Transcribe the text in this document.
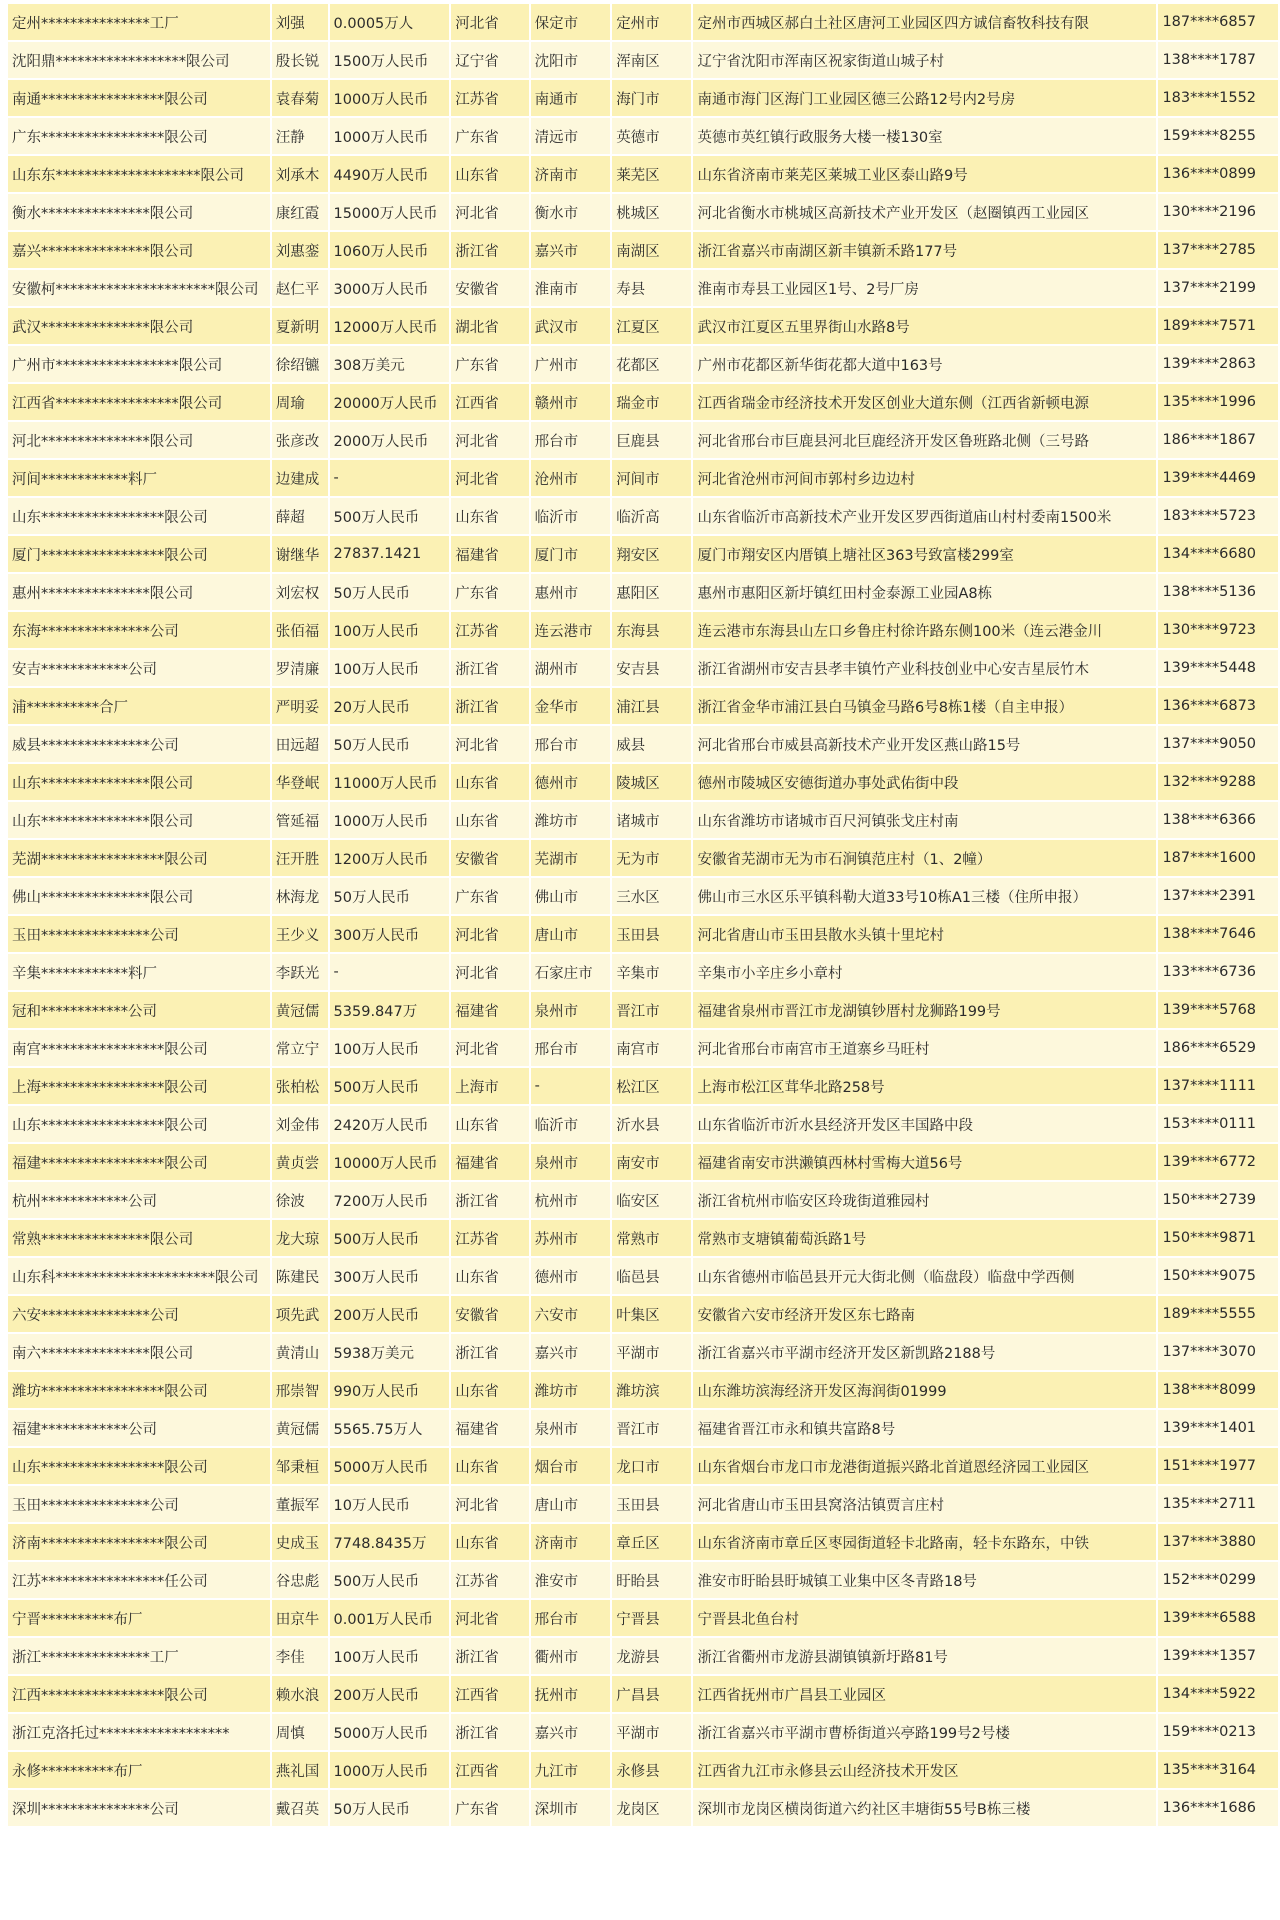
定州***************工厂	刘强	0.0005万人	河北省	保定市	定州市	定州市西城区郝白土社区唐河工业园区四方诚信畜牧科技有限	187****6857
沈阳鼎******************限公司	殷长锐	1500万人民币	辽宁省	沈阳市	浑南区	辽宁省沈阳市浑南区祝家街道山城子村	138****1787
南通*****************限公司	袁春菊	1000万人民币	江苏省	南通市	海门市	南通市海门区海门工业园区德三公路12号内2号房	183****1552
广东*****************限公司	汪静	1000万人民币	广东省	清远市	英德市	英德市英红镇行政服务大楼一楼130室	159****8255
山东东********************限公司	刘承木	4490万人民币	山东省	济南市	莱芜区	山东省济南市莱芜区莱城工业区泰山路9号	136****0899
衡水***************限公司	康红霞	15000万人民币	河北省	衡水市	桃城区	河北省衡水市桃城区高新技术产业开发区（赵圈镇西工业园区	130****2196
嘉兴***************限公司	刘惠銮	1060万人民币	浙江省	嘉兴市	南湖区	浙江省嘉兴市南湖区新丰镇新禾路177号	137****2785
安徽柯**********************限公司	赵仁平	3000万人民币	安徽省	淮南市	寿县	淮南市寿县工业园区1号、2号厂房	137****2199
武汉***************限公司	夏新明	12000万人民币	湖北省	武汉市	江夏区	武汉市江夏区五里界街山水路8号	189****7571
广州市*****************限公司	徐绍镳	308万美元	广东省	广州市	花都区	广州市花都区新华街花都大道中163号	139****2863
江西省*****************限公司	周瑜	20000万人民币	江西省	赣州市	瑞金市	江西省瑞金市经济技术开发区创业大道东侧（江西省新顿电源	135****1996
河北***************限公司	张彦改	2000万人民币	河北省	邢台市	巨鹿县	河北省邢台市巨鹿县河北巨鹿经济开发区鲁班路北侧（三号路	186****1867
河间************料厂	边建成	-	河北省	沧州市	河间市	河北省沧州市河间市郭村乡边边村	139****4469
山东*****************限公司	薛超	500万人民币	山东省	临沂市	临沂高	山东省临沂市高新技术产业开发区罗西街道庙山村村委南1500米	183****5723
厦门*****************限公司	谢继华	27837.1421	福建省	厦门市	翔安区	厦门市翔安区内厝镇上塘社区363号致富楼299室	134****6680
惠州***************限公司	刘宏权	50万人民币	广东省	惠州市	惠阳区	惠州市惠阳区新圩镇红田村金泰源工业园A8栋	138****5136
东海***************公司	张佰福	100万人民币	江苏省	连云港市	东海县	连云港市东海县山左口乡鲁庄村徐许路东侧100米（连云港金川	130****9723
安吉************公司	罗清廉	100万人民币	浙江省	湖州市	安吉县	浙江省湖州市安吉县孝丰镇竹产业科技创业中心安吉星辰竹木	139****5448
浦**********合厂	严明妥	20万人民币	浙江省	金华市	浦江县	浙江省金华市浦江县白马镇金马路6号8栋1楼（自主申报）	136****6873
威县***************公司	田远超	50万人民币	河北省	邢台市	威县	河北省邢台市威县高新技术产业开发区燕山路15号	137****9050
山东***************限公司	华登岷	11000万人民币	山东省	德州市	陵城区	德州市陵城区安德街道办事处武佑街中段	132****9288
山东***************限公司	管延福	1000万人民币	山东省	潍坊市	诸城市	山东省潍坊市诸城市百尺河镇张戈庄村南	138****6366
芜湖*****************限公司	汪开胜	1200万人民币	安徽省	芜湖市	无为市	安徽省芜湖市无为市石涧镇范庄村（1、2幢）	187****1600
佛山***************限公司	林海龙	50万人民币	广东省	佛山市	三水区	佛山市三水区乐平镇科勒大道33号10栋A1三楼（住所申报）	137****2391
玉田***************公司	王少义	300万人民币	河北省	唐山市	玉田县	河北省唐山市玉田县散水头镇十里坨村	138****7646
辛集************料厂	李跃光	-	河北省	石家庄市	辛集市	辛集市小辛庄乡小章村	133****6736
冠和************公司	黄冠儒	5359.847万	福建省	泉州市	晋江市	福建省泉州市晋江市龙湖镇钞厝村龙狮路199号	139****5768
南宫*****************限公司	常立宁	100万人民币	河北省	邢台市	南宫市	河北省邢台市南宫市王道寨乡马旺村	186****6529
上海*****************限公司	张柏松	500万人民币	上海市	-	松江区	上海市松江区茸华北路258号	137****1111
山东*****************限公司	刘金伟	2420万人民币	山东省	临沂市	沂水县	山东省临沂市沂水县经济开发区丰国路中段	153****0111
福建*****************限公司	黄贞尝	10000万人民币	福建省	泉州市	南安市	福建省南安市洪濑镇西林村雪梅大道56号	139****6772
杭州************公司	徐波	7200万人民币	浙江省	杭州市	临安区	浙江省杭州市临安区玲珑街道雅园村	150****2739
常熟***************限公司	龙大琼	500万人民币	江苏省	苏州市	常熟市	常熟市支塘镇葡萄浜路1号	150****9871
山东科**********************限公司	陈建民	300万人民币	山东省	德州市	临邑县	山东省德州市临邑县开元大街北侧（临盘段）临盘中学西侧	150****9075
六安***************公司	项先武	200万人民币	安徽省	六安市	叶集区	安徽省六安市经济开发区东七路南	189****5555
南六***************限公司	黄清山	5938万美元	浙江省	嘉兴市	平湖市	浙江省嘉兴市平湖市经济开发区新凯路2188号	137****3070
潍坊*****************限公司	邢崇智	990万人民币	山东省	潍坊市	潍坊滨	山东潍坊滨海经济开发区海润街01999	138****8099
福建************公司	黄冠儒	5565.75万人	福建省	泉州市	晋江市	福建省晋江市永和镇共富路8号	139****1401
山东*****************限公司	邹秉桓	5000万人民币	山东省	烟台市	龙口市	山东省烟台市龙口市龙港街道振兴路北首道恩经济园工业园区	151****1977
玉田***************公司	董振军	10万人民币	河北省	唐山市	玉田县	河北省唐山市玉田县窝洛沽镇贾言庄村	135****2711
济南*****************限公司	史成玉	7748.8435万	山东省	济南市	章丘区	山东省济南市章丘区枣园街道轻卡北路南，轻卡东路东，中铁	137****3880
江苏*****************任公司	谷忠彪	500万人民币	江苏省	淮安市	盱眙县	淮安市盱眙县盱城镇工业集中区冬青路18号	152****0299
宁晋**********布厂	田京牛	0.001万人民币	河北省	邢台市	宁晋县	宁晋县北鱼台村	139****6588
浙江***************工厂	李佳	100万人民币	浙江省	衢州市	龙游县	浙江省衢州市龙游县湖镇镇新圩路81号	139****1357
江西*****************限公司	赖水浪	200万人民币	江西省	抚州市	广昌县	江西省抚州市广昌县工业园区	134****5922
浙江克洛托过******************	周慎	5000万人民币	浙江省	嘉兴市	平湖市	浙江省嘉兴市平湖市曹桥街道兴亭路199号2号楼	159****0213
永修**********布厂	燕礼国	1000万人民币	江西省	九江市	永修县	江西省九江市永修县云山经济技术开发区	135****3164
深圳***************公司	戴召英	50万人民币	广东省	深圳市	龙岗区	深圳市龙岗区横岗街道六约社区丰塘街55号B栋三楼	136****1686
